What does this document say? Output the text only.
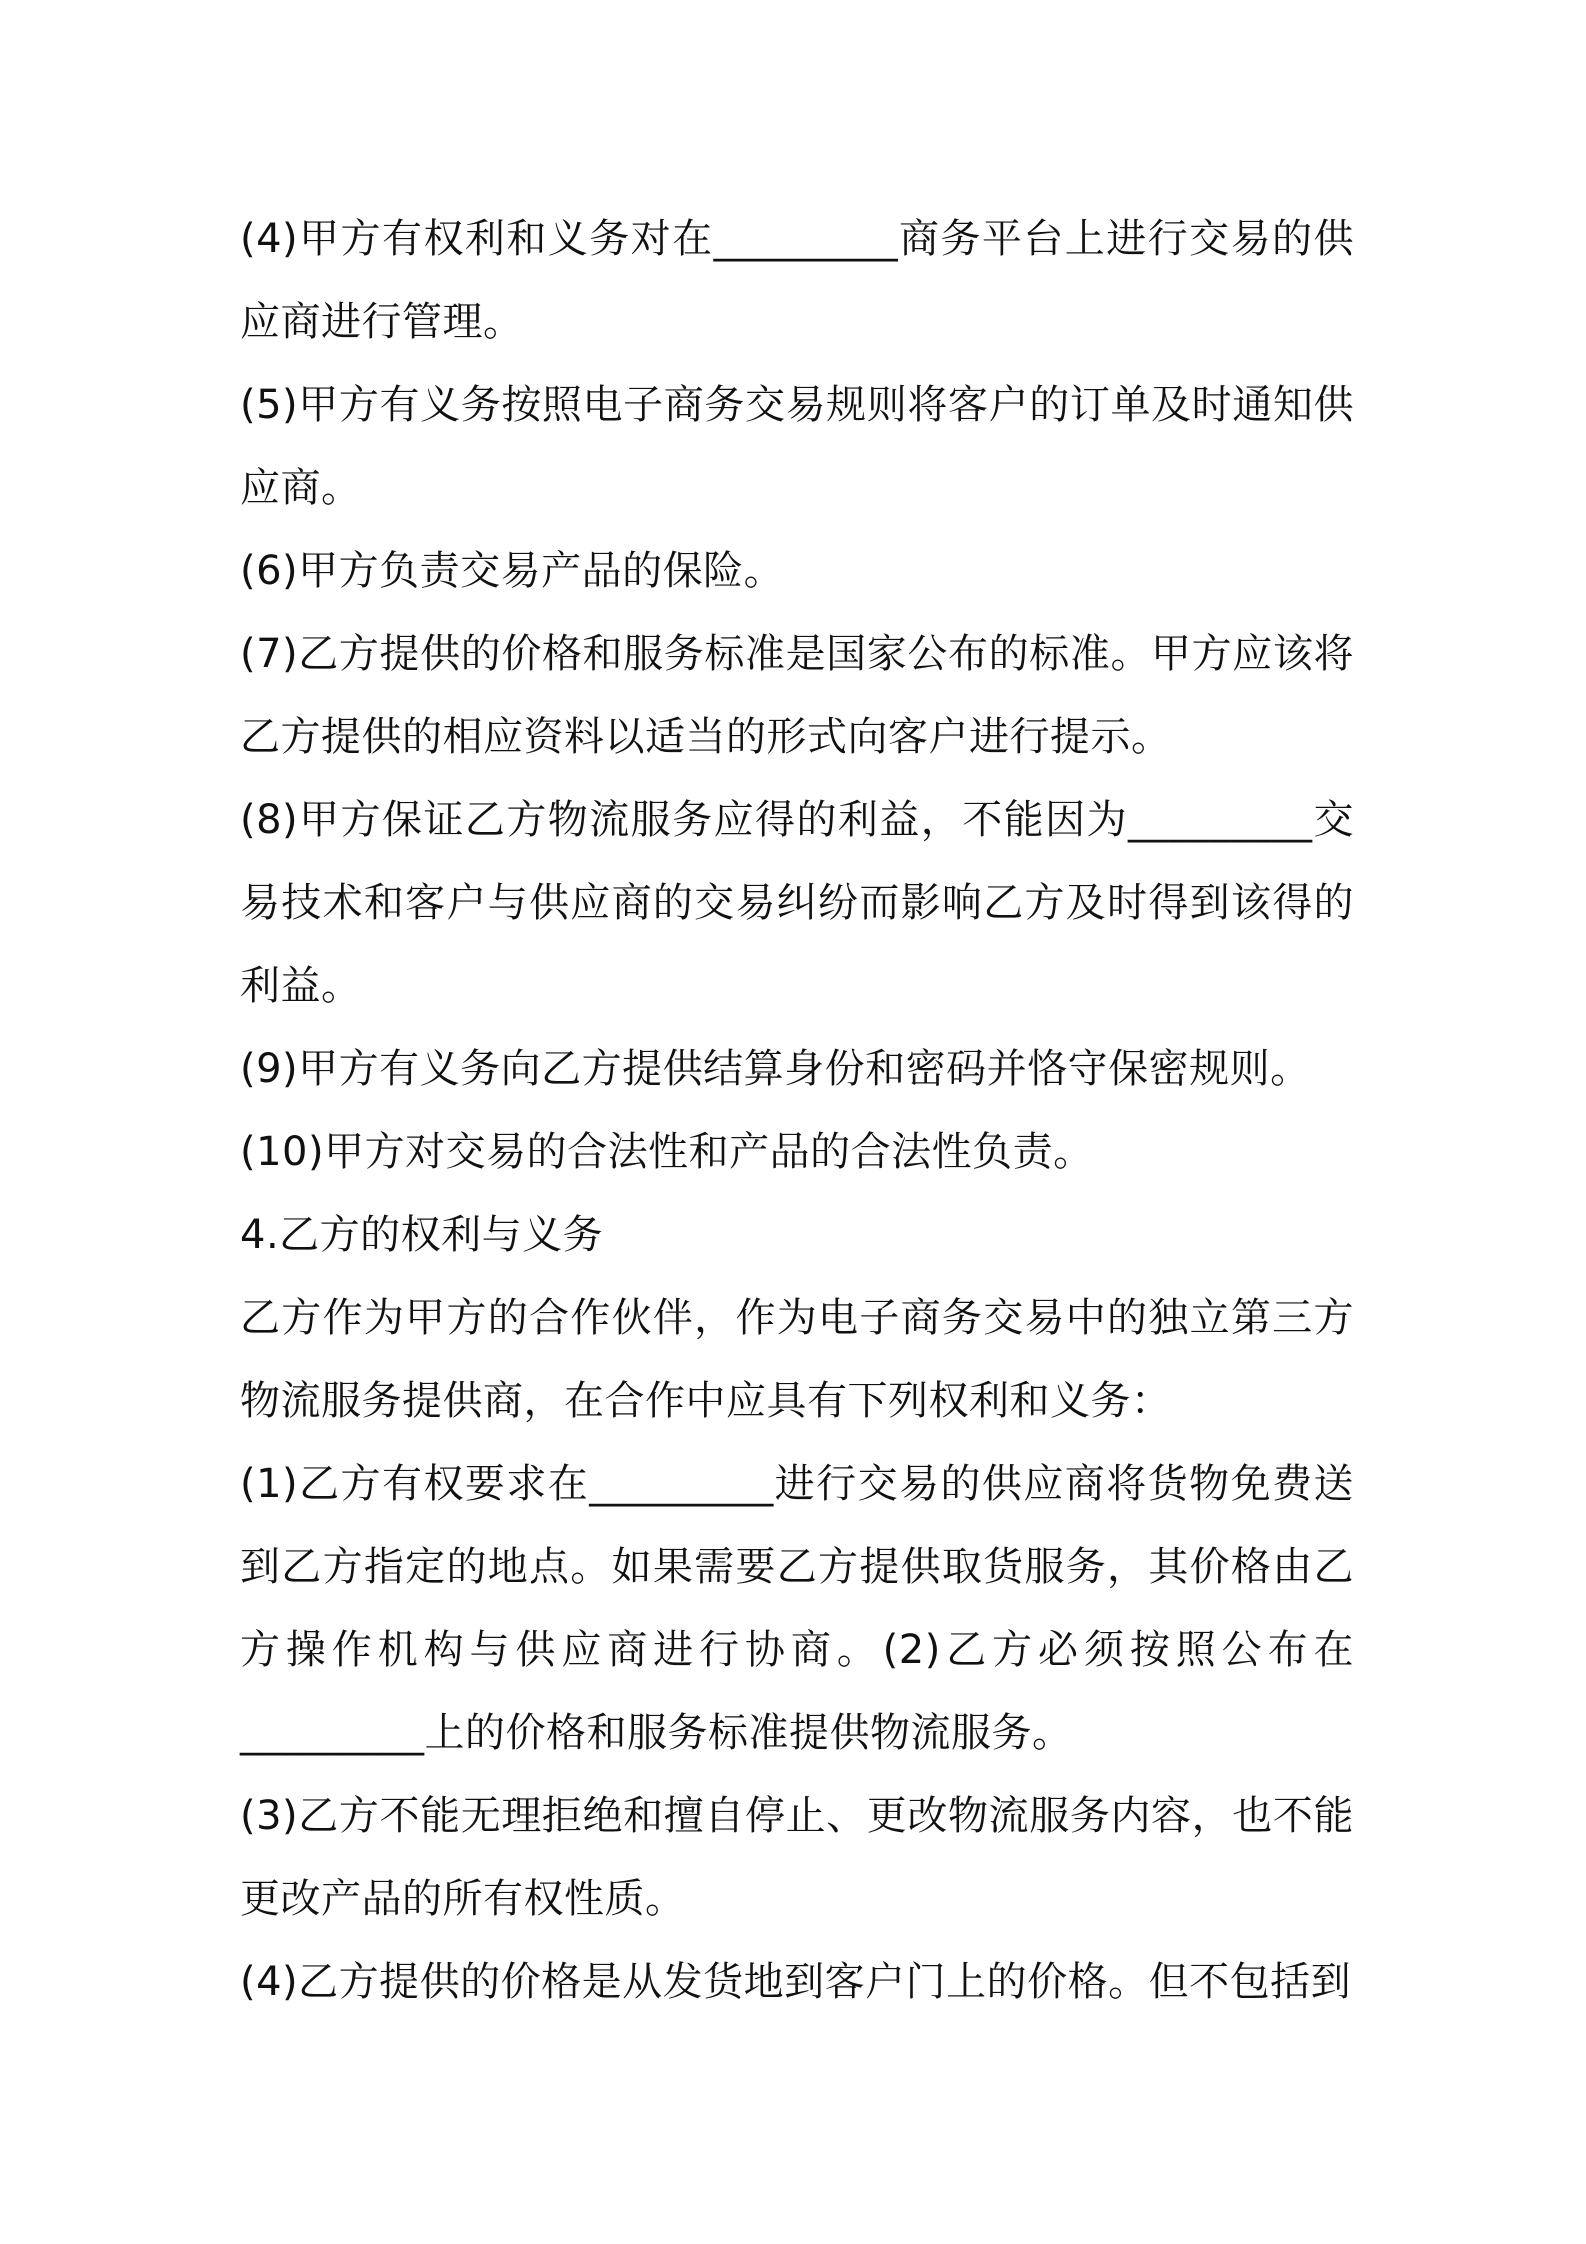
(4)甲方有权利和义务对在_________商务平台上进行交易的供应商进行管理。

(5)甲方有义务按照电子商务交易规则将客户的订单及时通知供应商。

(6)甲方负责交易产品的保险。

(7)乙方提供的价格和服务标准是国家公布的标准。甲方应该将乙方提供的相应资料以适当的形式向客户进行提示。

(8)甲方保证乙方物流服务应得的利益，不能因为_________交易技术和客户与供应商的交易纠纷而影响乙方及时得到该得的利益。

(9)甲方有义务向乙方提供结算身份和密码并恪守保密规则。

(10)甲方对交易的合法性和产品的合法性负责。

4.乙方的权利与义务

乙方作为甲方的合作伙伴，作为电子商务交易中的独立第三方物流服务提供商，在合作中应具有下列权利和义务：

(1)乙方有权要求在_________进行交易的供应商将货物免费送到乙方指定的地点。如果需要乙方提供取货服务，其价格由乙方操作机构与供应商进行协商。(2)乙方必须按照公布在_________上的价格和服务标准提供物流服务。

(3)乙方不能无理拒绝和擅自停止、更改物流服务内容，也不能更改产品的所有权性质。

(4)乙方提供的价格是从发货地到客户门上的价格。但不包括到
